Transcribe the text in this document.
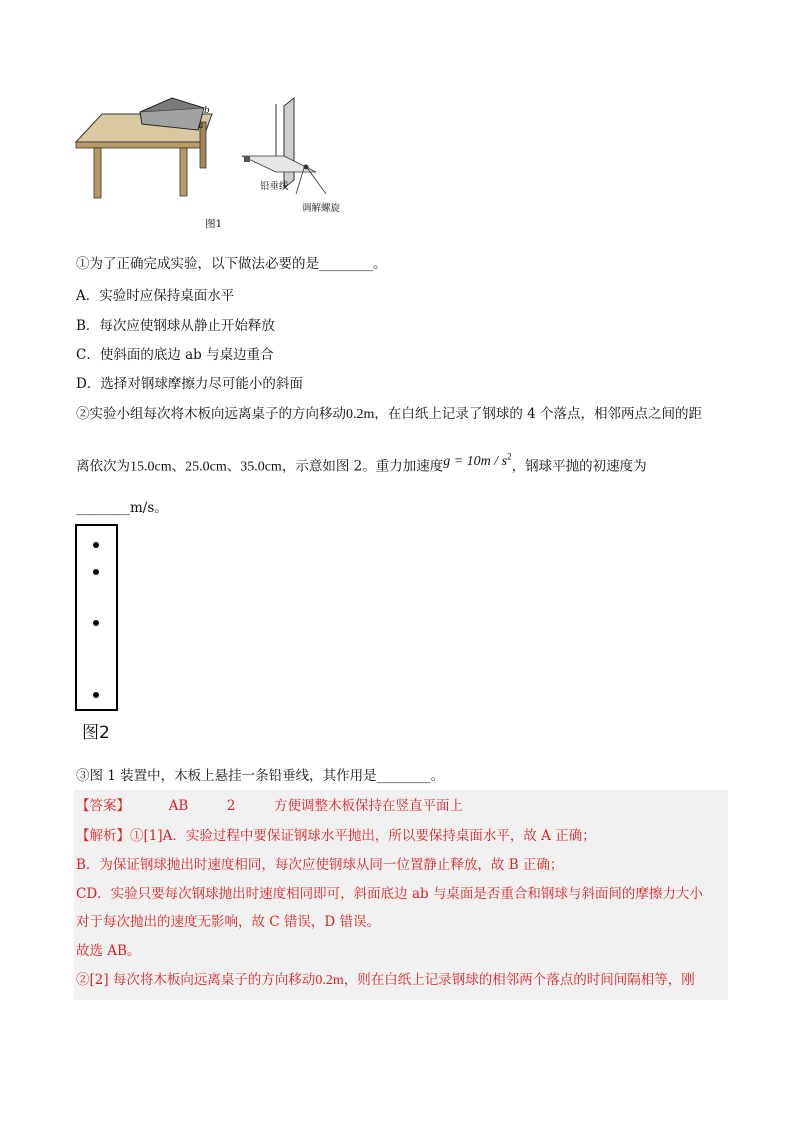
b
a
铅垂线
调解螺旋
图1
①为了正确完成实验，以下做法必要的是________。
A．实验时应保持桌面水平
B．每次应使钢球从静止开始释放
C．使斜面的底边 ab 与桌边重合
D．选择对钢球摩擦力尽可能小的斜面
②实验小组每次将木板向远离桌子的方向移动0.2m，在白纸上记录了钢球的 4 个落点，相邻两点之间的距
离依次为15.0cm、25.0cm、35.0cm，示意如图 2。重力加速度$g = 10m / s^2$，钢球平抛的初速度为
________m/s。
图2
③图 1 装置中，木板上悬挂一条铅垂线，其作用是________。
【答案】	AB	2	方便调整木板保持在竖直平面上
【解析】①[1]A．实验过程中要保证钢球水平抛出，所以要保持桌面水平，故 A 正确；
B．为保证钢球抛出时速度相同，每次应使钢球从同一位置静止释放，故 B 正确；
CD．实验只要每次钢球抛出时速度相同即可，斜面底边 ab 与桌面是否重合和钢球与斜面间的摩擦力大小
对于每次抛出的速度无影响，故 C 错误，D 错误。
故选 AB。
②[2] 每次将木板向远离桌子的方向移动0.2m，则在白纸上记录钢球的相邻两个落点的时间间隔相等，刚
